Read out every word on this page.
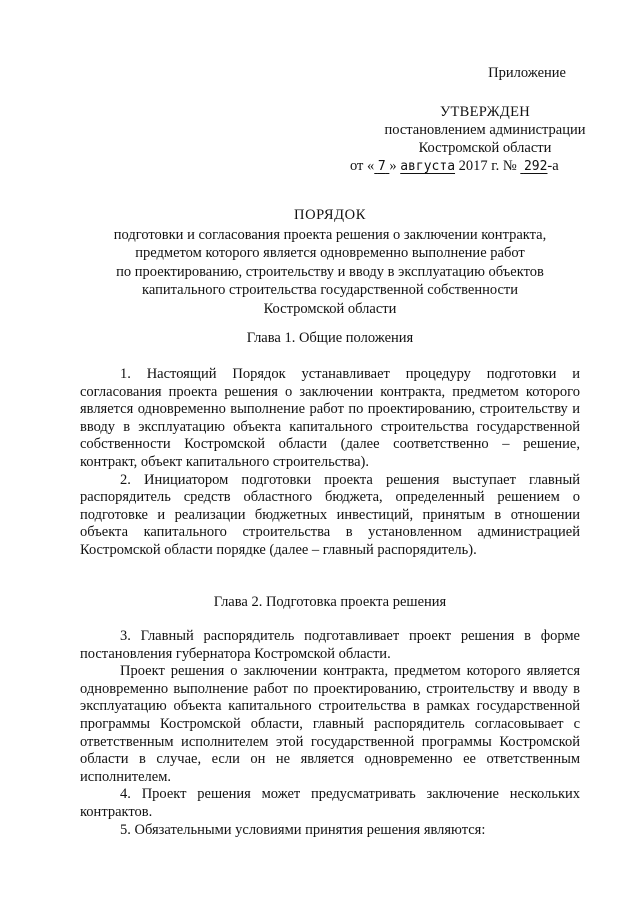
Приложение
УТВЕРЖДЕН
постановлением администрации
Костромской области
от « 7 » августа 2017 г. № 292-а
ПОРЯДОК
подготовки и согласования проекта решения о заключении контракта,
предметом которого является одновременно выполнение работ
по проектированию, строительству и вводу в эксплуатацию объектов
капитального строительства государственной собственности
Костромской области
Глава 1. Общие положения

1. Настоящий Порядок устанавливает процедуру подготовки и согласования проекта решения о заключении контракта, предметом которого является одновременно выполнение работ по проектированию, строительству и вводу в эксплуатацию объекта капитального строительства государственной собственности Костромской области (далее соответственно – решение, контракт, объект капитального строительства).

2. Инициатором подготовки проекта решения выступает главный распорядитель средств областного бюджета, определенный решением о подготовке и реализации бюджетных инвестиций, принятым в отношении объекта капитального строительства в установленном администрацией Костромской области порядке (далее – главный распорядитель).

Глава 2. Подготовка проекта решения

3. Главный распорядитель подготавливает проект решения в форме постановления губернатора Костромской области.

Проект решения о заключении контракта, предметом которого является одновременно выполнение работ по проектированию, строительству и вводу в эксплуатацию объекта капитального строительства в рамках государственной программы Костромской области, главный распорядитель согласовывает с ответственным исполнителем этой государственной программы Костромской области в случае, если он не является одновременно ее ответственным исполнителем.

4. Проект решения может предусматривать заключение нескольких контрактов.

5. Обязательными условиями принятия решения являются:
